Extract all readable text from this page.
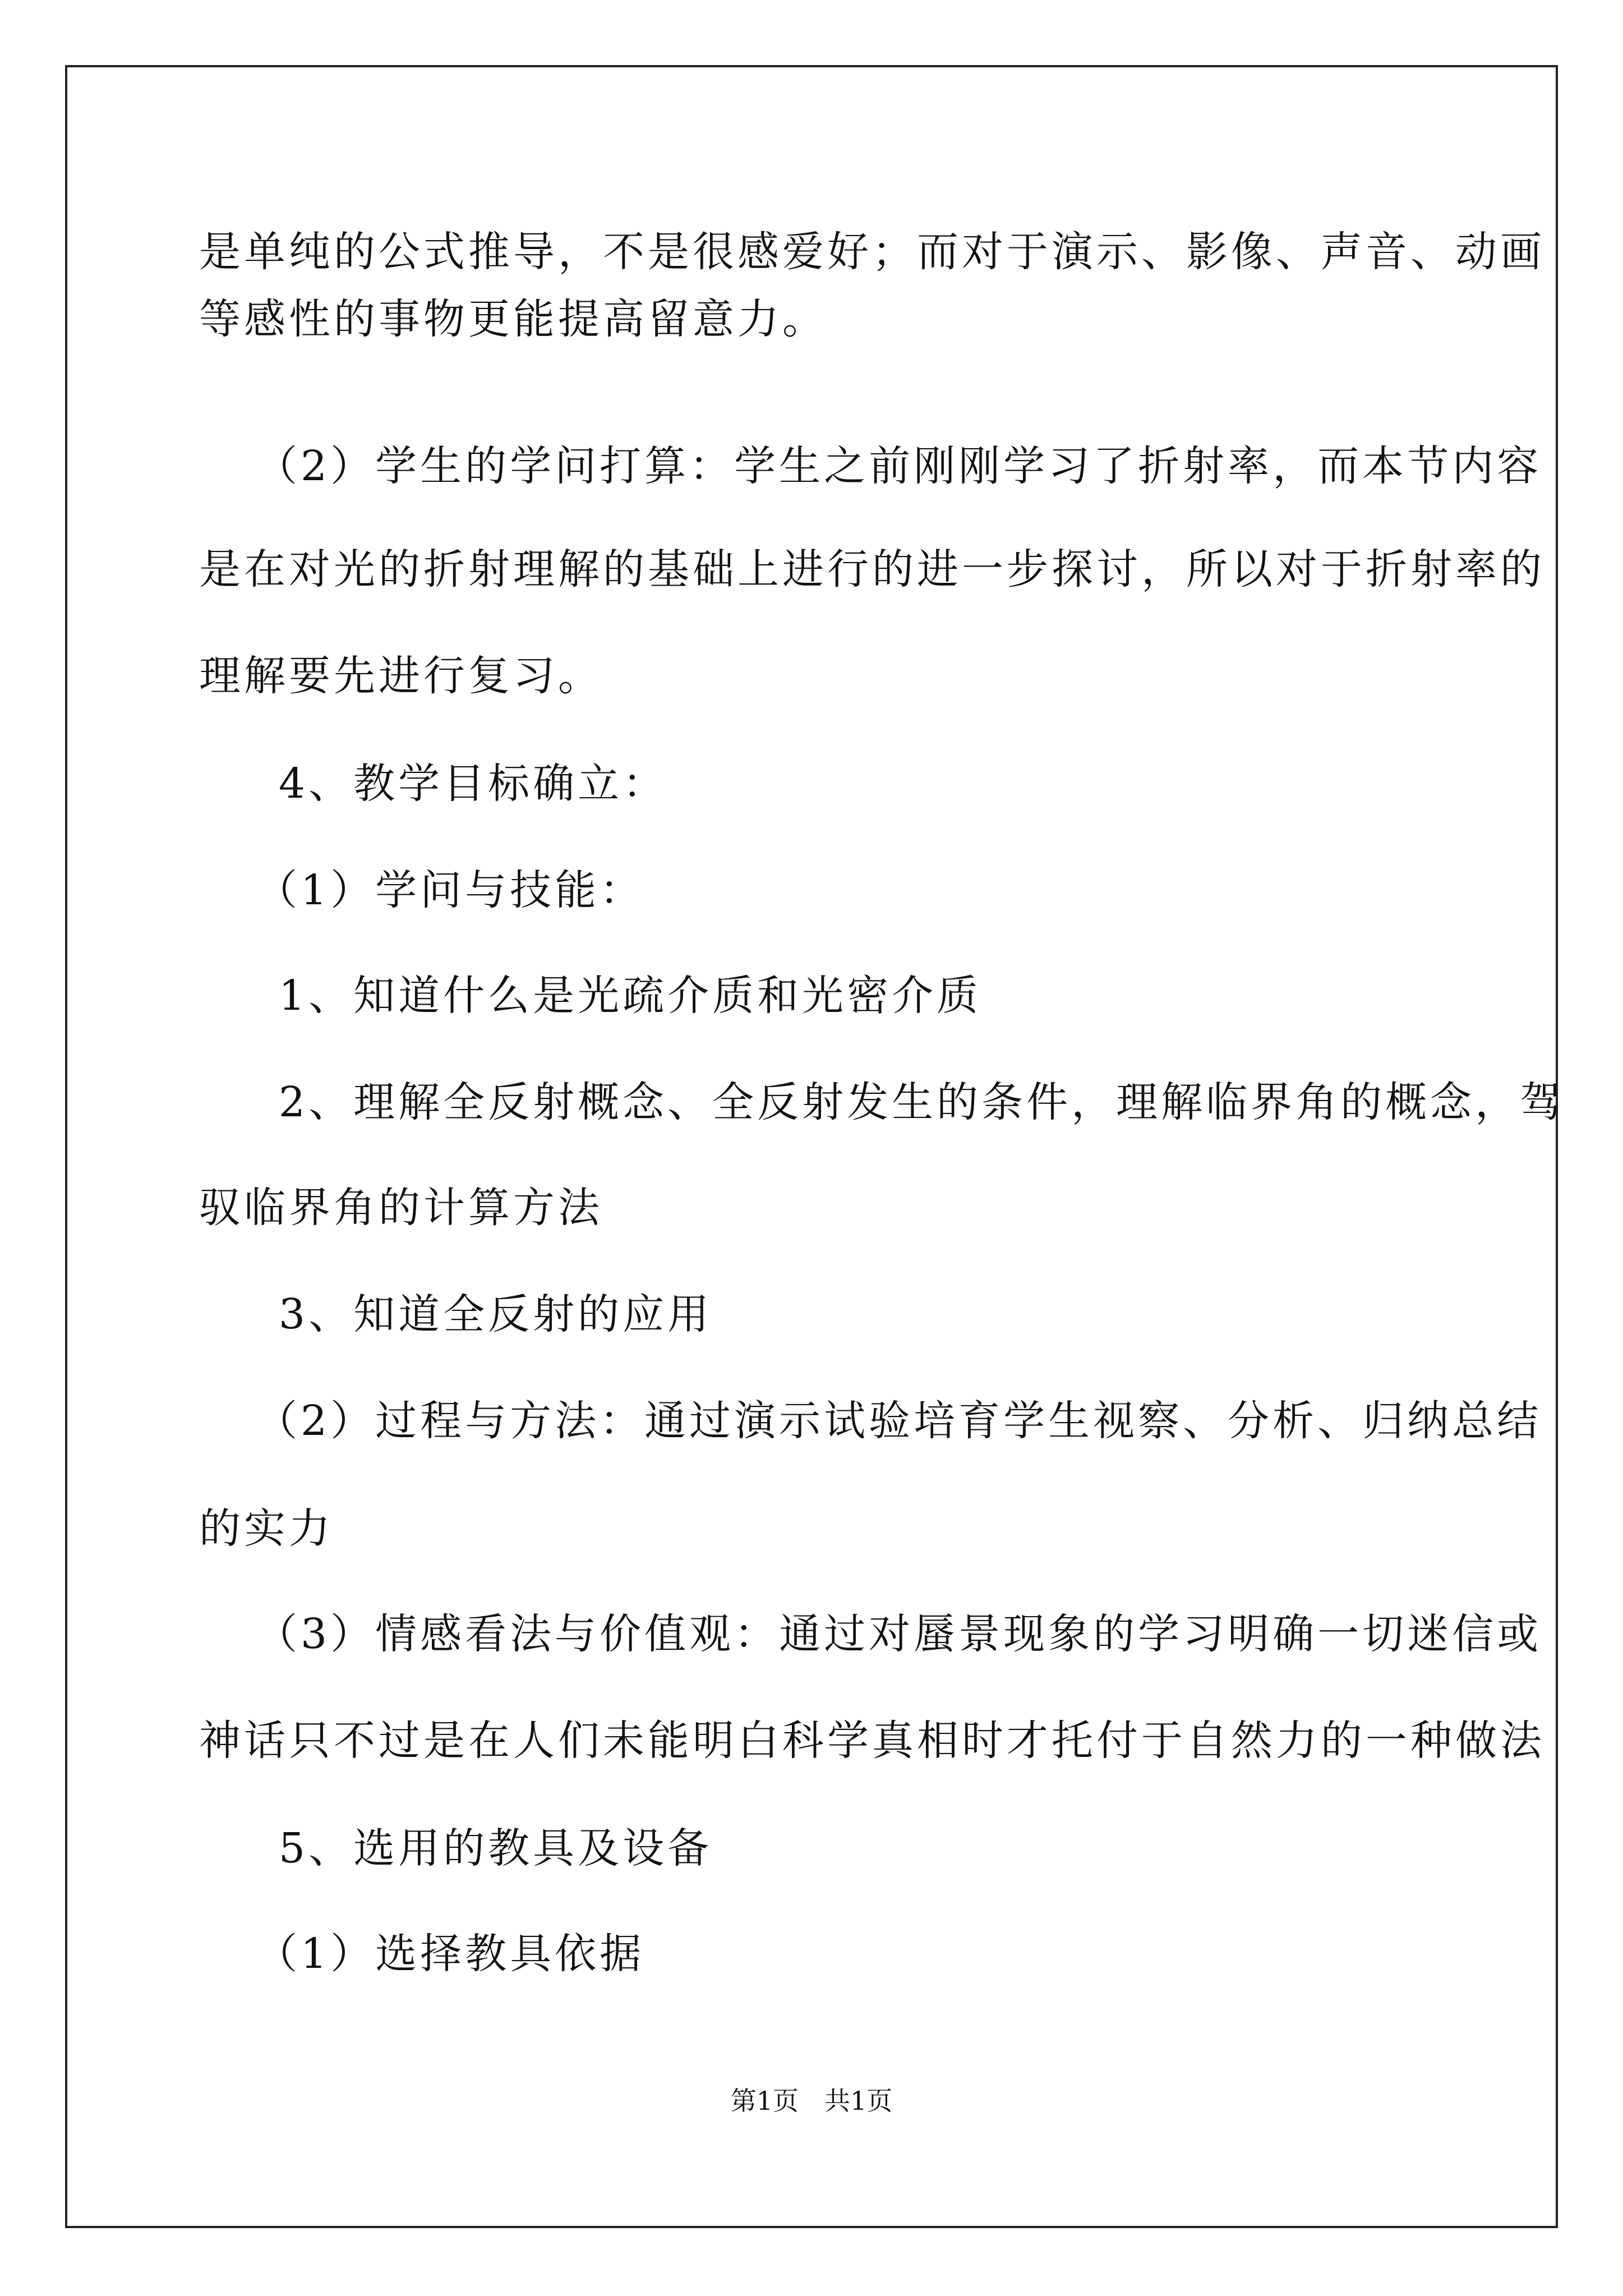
是单纯的公式推导，不是很感爱好；而对于演示、影像、声音、动画
等感性的事物更能提高留意力。
（2）学生的学问打算：学生之前刚刚学习了折射率，而本节内容
是在对光的折射理解的基础上进行的进一步探讨，所以对于折射率的
理解要先进行复习。
4、教学目标确立：
（1）学问与技能：
1、知道什么是光疏介质和光密介质
2、理解全反射概念、全反射发生的条件，理解临界角的概念，驾
驭临界角的计算方法
3、知道全反射的应用
（2）过程与方法：通过演示试验培育学生视察、分析、归纳总结
的实力
（3）情感看法与价值观：通过对蜃景现象的学习明确一切迷信或
神话只不过是在人们未能明白科学真相时才托付于自然力的一种做法
5、选用的教具及设备
（1）选择教具依据
第1页　共1页
